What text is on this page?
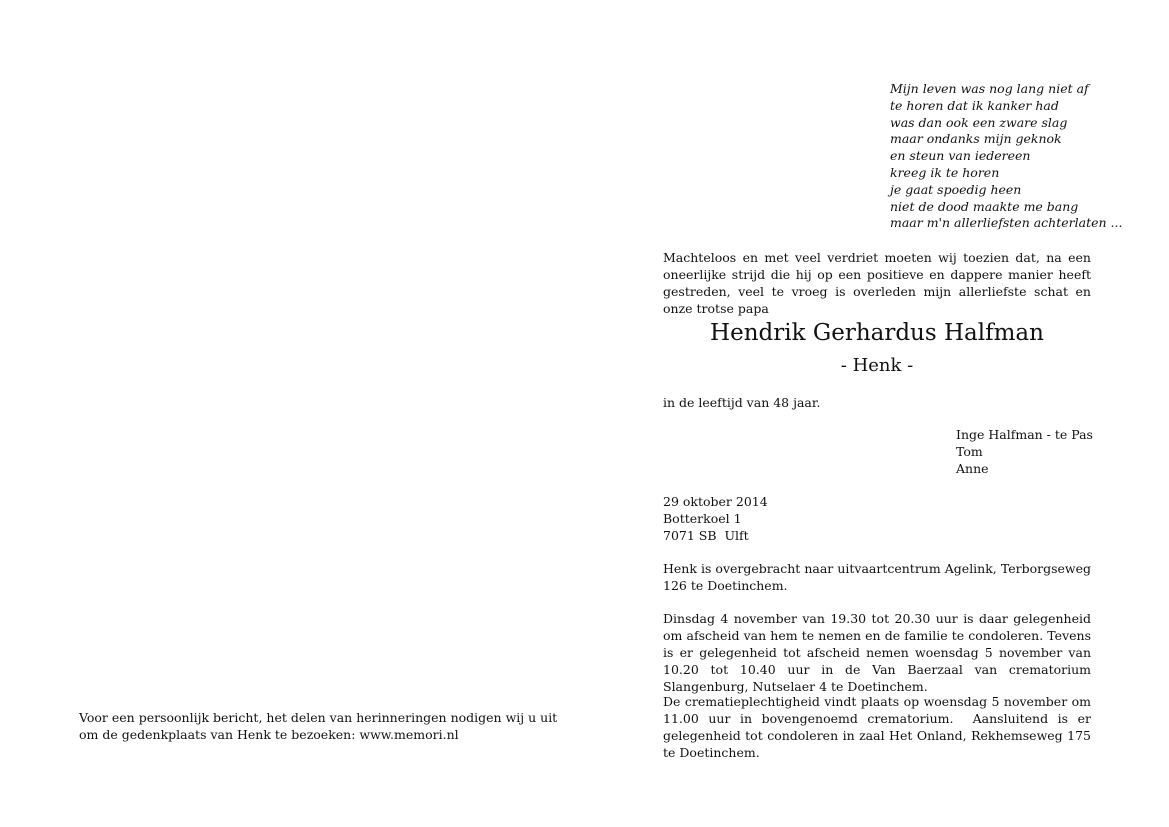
Voor een persoonlijk bericht, het delen van herinneringen nodigen wij u uit
om de gedenkplaats van Henk te bezoeken: www.memori.nl
Mijn leven was nog lang niet af
te horen dat ik kanker had
was dan ook een zware slag
maar ondanks mijn geknok
en steun van iedereen
kreeg ik te horen
je gaat spoedig heen
niet de dood maakte me bang
maar m'n allerliefsten achterlaten ...
Machteloos en met veel verdriet moeten wij toezien dat, na een oneerlijke strijd die hij op een positieve en dappere manier heeft gestreden, veel te vroeg is overleden mijn allerliefste schat en onze trotse papa
Hendrik Gerhardus Halfman
- Henk -
in de leeftijd van 48 jaar.
Inge Halfman - te Pas
Tom
Anne
29 oktober 2014
Botterkoel 1
7071 SB  Ulft
Henk is overgebracht naar uitvaartcentrum Agelink, Terborgseweg 126 te Doetinchem.
Dinsdag 4 november van 19.30 tot 20.30 uur is daar gelegenheid om afscheid van hem te nemen en de familie te condoleren. Tevens is er gelegenheid tot afscheid nemen woensdag 5 november van 10.20 tot 10.40 uur in de Van Baerzaal van crematorium Slangenburg, Nutselaer 4 te Doetinchem.
De crematieplechtigheid vindt plaats op woensdag 5 november om 11.00 uur in bovengenoemd crematorium.  Aansluitend is er gelegenheid tot condoleren in zaal Het Onland, Rekhemseweg 175 te Doetinchem.
